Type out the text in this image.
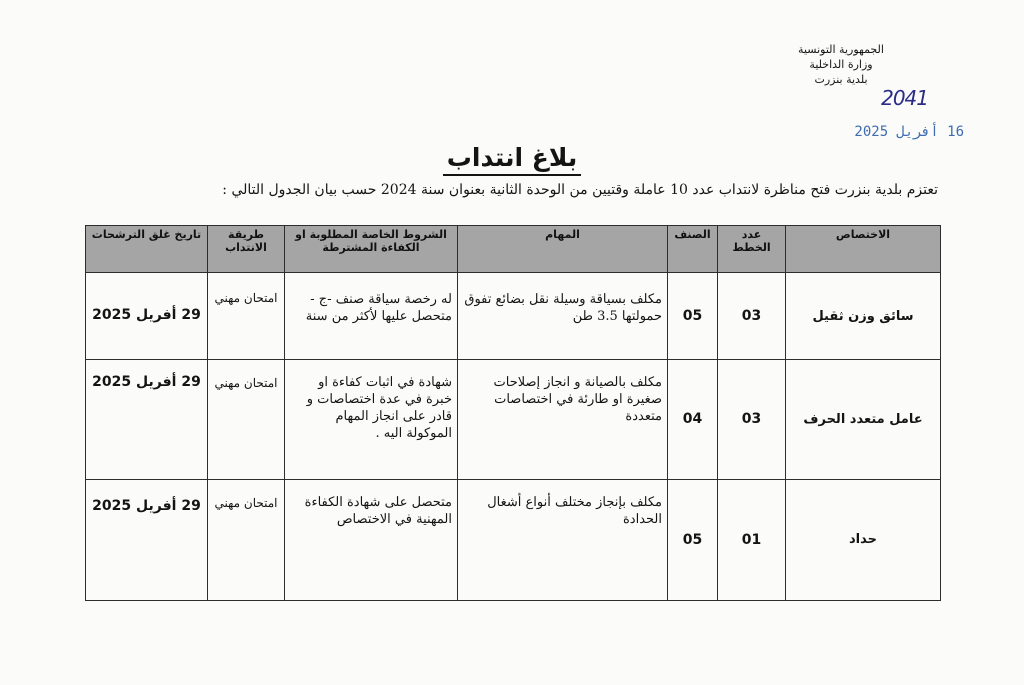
الجمهورية التونسية
وزارة الداخلية
بلدية بنزرت
2041
16 أفريل 2025
بلاغ انتداب
تعتزم بلدية بنزرت فتح مناظرة لانتداب عدد 10 عاملة وقتيين من الوحدة الثانية بعنوان سنة 2024 حسب بيان الجدول التالي :
الاختصاص	عدد الخطط	الصنف	المهام	الشروط الخاصة المطلوبة او الكفاءة المشترطة	طريقة الانتداب	تاريخ غلق الترشحات
سائق وزن ثقيل	03	05	مكلف بسياقة وسيلة نقل بضائع تفوق حمولتها 3.5 طن	له رخصة سياقة صنف -ج - متحصل عليها لأكثر من سنة	امتحان مهني	29 أفريل 2025
عامل متعدد الحرف	03	04	مكلف بالصيانة و انجاز إصلاحات صغيرة او طارئة في اختصاصات متعددة	شهادة في اثبات كفاءة او خبرة في عدة اختصاصات و قادر على انجاز المهام الموكولة اليه .	امتحان مهني	29 أفريل 2025
حداد	01	05	مكلف بإنجاز مختلف أنواع أشغال الحدادة	متحصل على شهادة الكفاءة المهنية في الاختصاص	امتحان مهني	29 أفريل 2025
